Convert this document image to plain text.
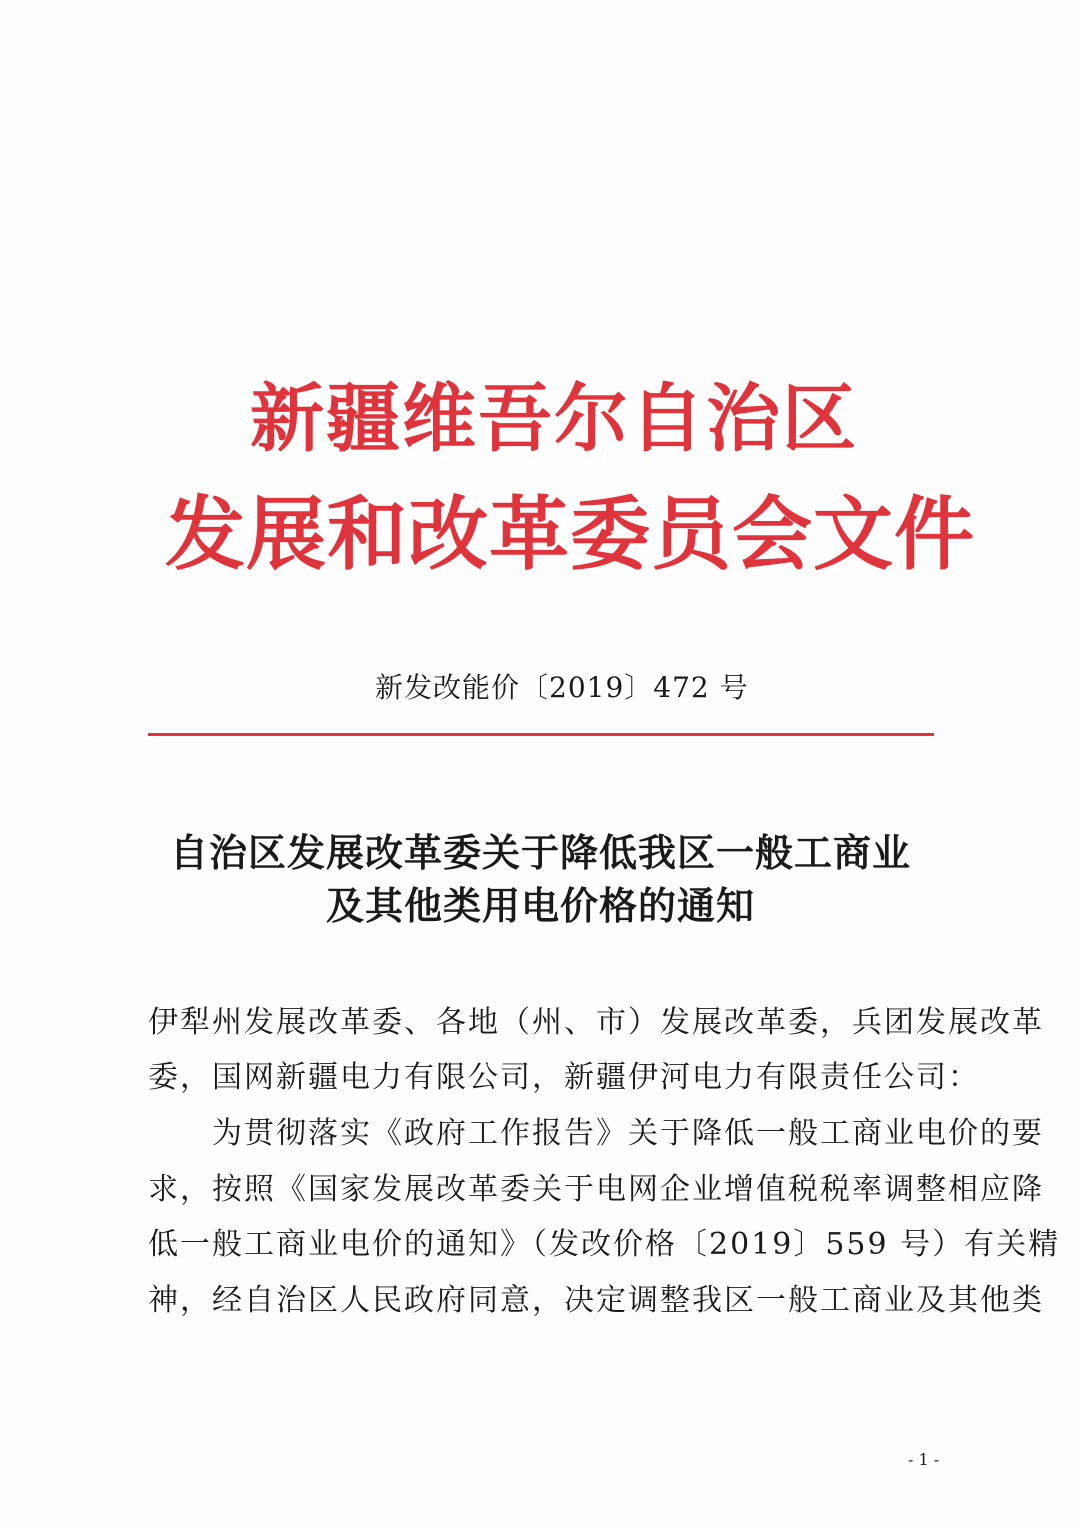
新疆维吾尔自治区
发展和改革委员会文件
新发改能价〔2019〕472 号
自治区发展改革委关于降低我区一般工商业
及其他类用电价格的通知
伊犁州发展改革委、各地（州、市）发展改革委，兵团发展改革
委，国网新疆电力有限公司，新疆伊河电力有限责任公司：
　　为贯彻落实《政府工作报告》关于降低一般工商业电价的要
求，按照《国家发展改革委关于电网企业增值税税率调整相应降
低一般工商业电价的通知》（发改价格〔2019〕559 号）有关精
神，经自治区人民政府同意，决定调整我区一般工商业及其他类
- 1 -
